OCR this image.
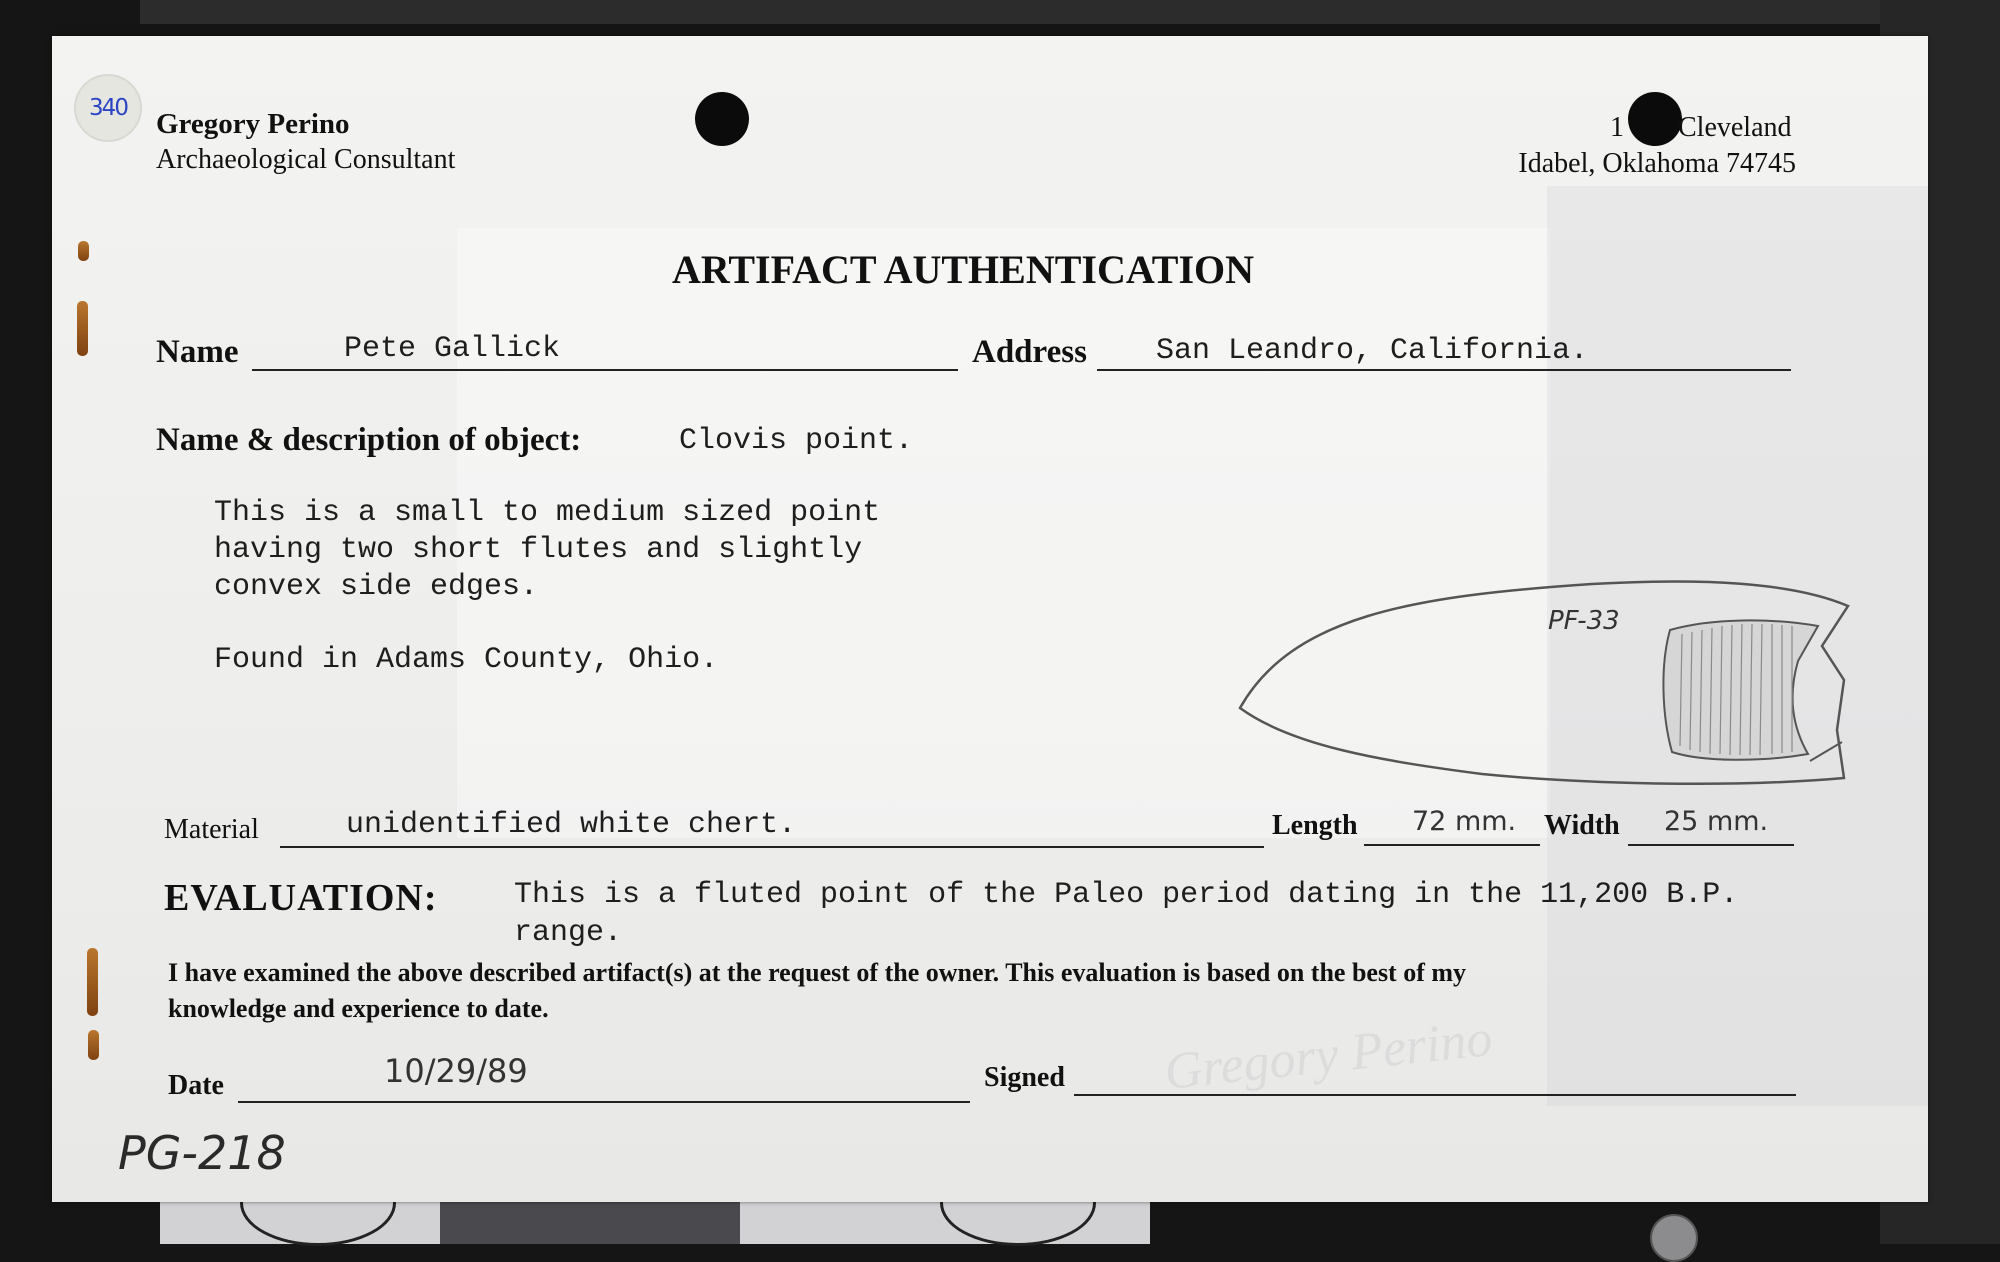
340	Gregory Perino
Archaeological Consultant
1 Cleveland
Idabel, Oklahoma 74745
ARTIFACT AUTHENTICATION
Name	Pete Gallick	Address San Leandro, California.
Name & description of object:	Clovis point.
This is a small to medium sized point
having two short flutes and slightly
convex side edges.
Found in Adams County, Ohio.
PF-33
Material	unidentified white chert.	Length 72 mm. Width 25 mm.
EVALUATION:	This is a fluted point of the Paleo period dating in the 11,200 B.P.
range.
I have examined the above described artifact(s) at the request of the owner. This evaluation is based on the best of my
knowledge and experience to date.
Date	10/29/89	Signed Gregory Perino
PG-218
